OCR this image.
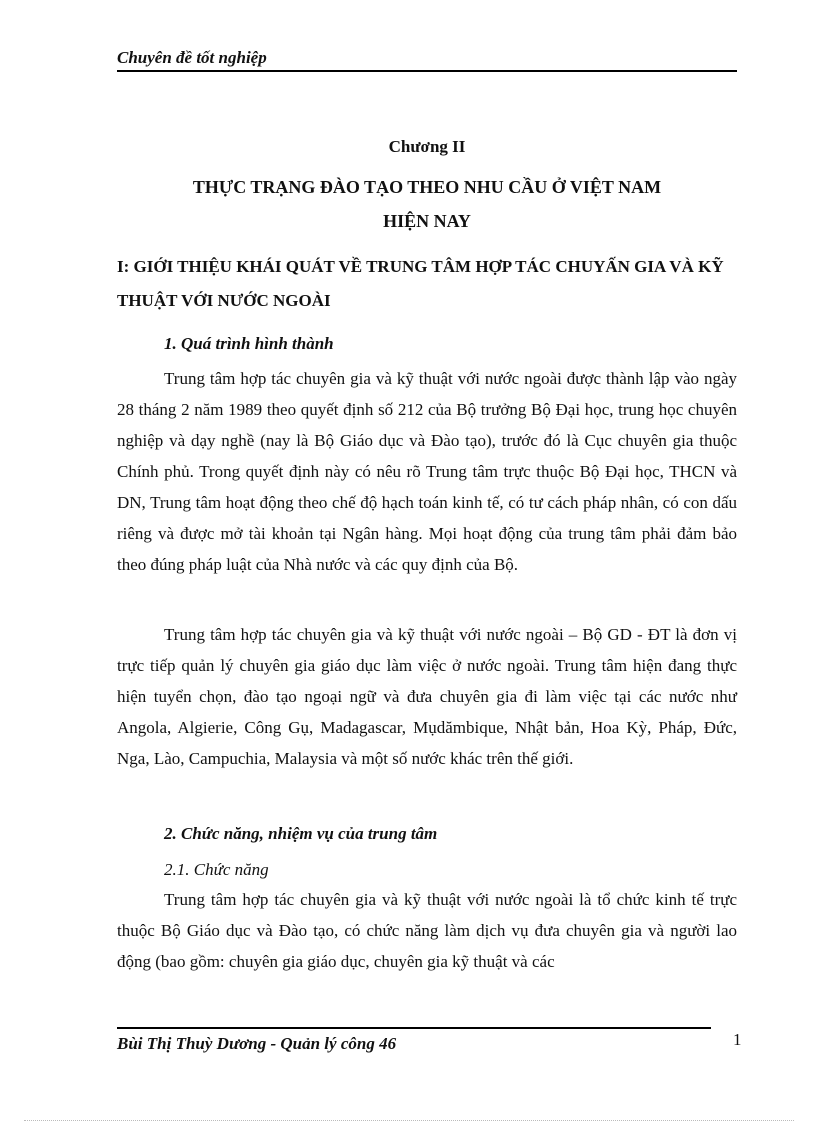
Chuyên đề tốt nghiệp
Chương II
THỰC TRẠNG ĐÀO TẠO THEO NHU CẦU Ở VIỆT NAM
HIỆN NAY
I: GIỚI THIỆU KHÁI QUÁT VỀ TRUNG TÂM HỢP TÁC CHUYẤN GIA VÀ KỸ THUẬT VỚI NƯỚC NGOÀI
1. Quá trình hình thành

Trung tâm hợp tác chuyên gia và kỹ thuật với nước ngoài được thành lập vào ngày 28 tháng 2 năm 1989 theo quyết định số 212 của Bộ trưởng Bộ Đại học, trung học chuyên nghiệp và dạy nghề (nay là Bộ Giáo dục và Đào tạo), trước đó là Cục chuyên gia thuộc Chính phủ. Trong quyết định này có nêu rõ Trung tâm trực thuộc Bộ Đại học, THCN và DN, Trung tâm hoạt động theo chế độ hạch toán kinh tế, có tư cách pháp nhân, có con dấu riêng và được mở tài khoản tại Ngân hàng. Mọi hoạt động của trung tâm phải đảm bảo theo đúng pháp luật của Nhà nước và các quy định của Bộ.

Trung tâm hợp tác chuyên gia và kỹ thuật với nước ngoài – Bộ GD - ĐT là đơn vị trực tiếp quản lý chuyên gia giáo dục làm việc ở nước ngoài. Trung tâm hiện đang thực hiện tuyển chọn, đào tạo ngoại ngữ và đưa chuyên gia đi làm việc tại các nước như Angola, Algierie, Công Gụ, Madagascar, Mụdămbique, Nhật bản, Hoa Kỳ, Pháp, Đức, Nga, Lào, Campuchia, Malaysia và một số nước khác trên thế giới.

2. Chức năng, nhiệm vụ của trung tâm
2.1. Chức năng

Trung tâm hợp tác chuyên gia và kỹ thuật với nước ngoài là tổ chức kinh tế trực thuộc Bộ Giáo dục và Đào tạo, có chức năng làm dịch vụ đưa chuyên gia và người lao động (bao gồm: chuyên gia giáo dục, chuyên gia kỹ thuật và các

Bùi Thị Thuỳ Dương - Quản lý công 46	1
